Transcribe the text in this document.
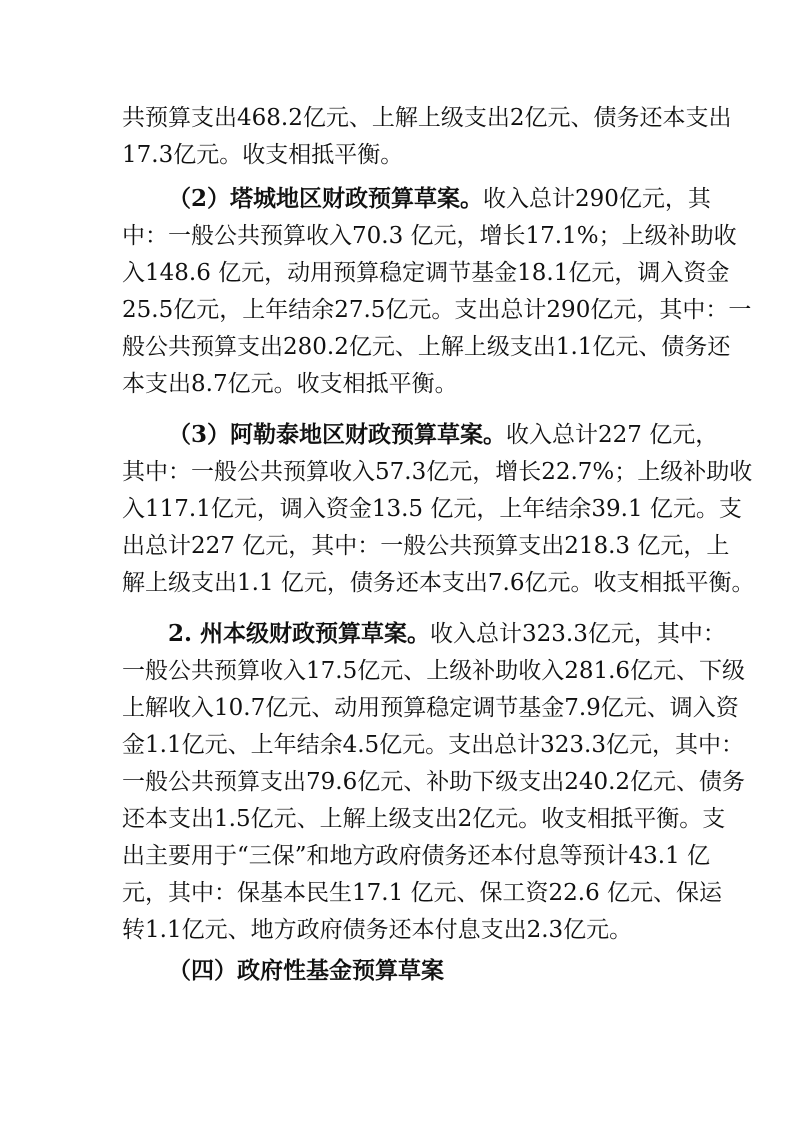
共预算支出468.2亿元、上解上级支出2亿元、债务还本支出
17.3亿元。收支相抵平衡。
（2）塔城地区财政预算草案。收入总计290亿元，其
中：一般公共预算收入70.3 亿元，增长17.1%；上级补助收
入148.6 亿元，动用预算稳定调节基金18.1亿元，调入资金
25.5亿元，上年结余27.5亿元。支出总计290亿元，其中：一
般公共预算支出280.2亿元、上解上级支出1.1亿元、债务还
本支出8.7亿元。收支相抵平衡。
（3）阿勒泰地区财政预算草案。收入总计227 亿元，
其中：一般公共预算收入57.3亿元，增长22.7%；上级补助收
入117.1亿元，调入资金13.5 亿元，上年结余39.1 亿元。支
出总计227 亿元，其中：一般公共预算支出218.3 亿元，上
解上级支出1.1 亿元，债务还本支出7.6亿元。收支相抵平衡。
2. 州本级财政预算草案。收入总计323.3亿元，其中：
一般公共预算收入17.5亿元、上级补助收入281.6亿元、下级
上解收入10.7亿元、动用预算稳定调节基金7.9亿元、调入资
金1.1亿元、上年结余4.5亿元。支出总计323.3亿元，其中：
一般公共预算支出79.6亿元、补助下级支出240.2亿元、债务
还本支出1.5亿元、上解上级支出2亿元。收支相抵平衡。支
出主要用于“三保”和地方政府债务还本付息等预计43.1 亿
元，其中：保基本民生17.1 亿元、保工资22.6 亿元、保运
转1.1亿元、地方政府债务还本付息支出2.3亿元。
（四）政府性基金预算草案
